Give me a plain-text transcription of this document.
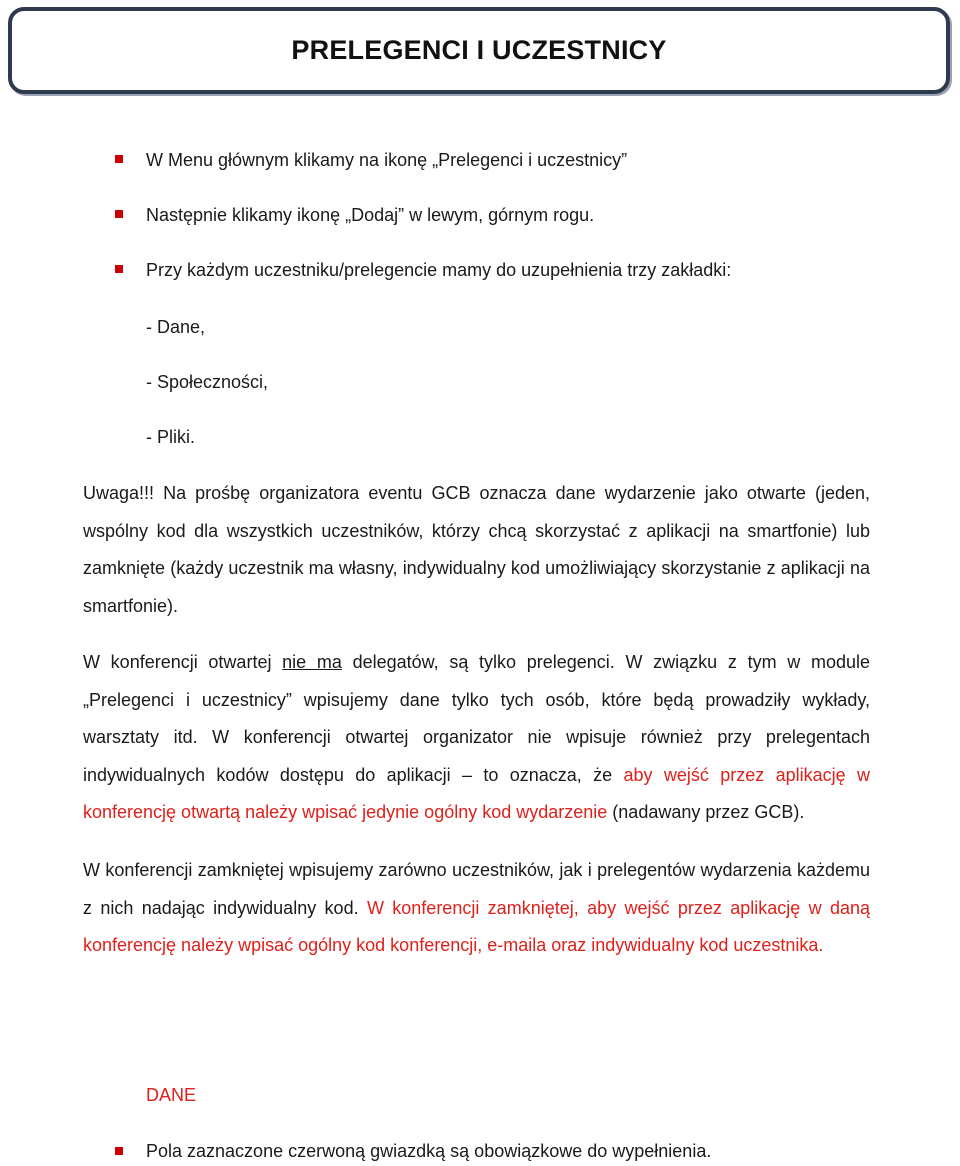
PRELEGENCI I UCZESTNICY
W Menu głównym klikamy na ikonę „Prelegenci i uczestnicy”
Następnie klikamy ikonę „Dodaj” w lewym, górnym rogu.
Przy każdym uczestniku/prelegencie mamy do uzupełnienia trzy zakładki:
- Dane,
- Społeczności,
- Pliki.

Uwaga!!! Na prośbę organizatora eventu GCB oznacza dane wydarzenie jako otwarte (jeden, wspólny kod dla wszystkich uczestników, którzy chcą skorzystać z aplikacji na smartfonie) lub zamknięte (każdy uczestnik ma własny, indywidualny kod umożliwiający skorzystanie z aplikacji na smartfonie).

W konferencji otwartej nie ma delegatów, są tylko prelegenci. W związku z tym w module „Prelegenci i uczestnicy” wpisujemy dane tylko tych osób, które będą prowadziły wykłady, warsztaty itd. W konferencji otwartej organizator nie wpisuje również przy prelegentach indywidualnych kodów dostępu do aplikacji – to oznacza, że aby wejść przez aplikację w konferencję otwartą należy wpisać jedynie ogólny kod wydarzenie (nadawany przez GCB).

W konferencji zamkniętej wpisujemy zarówno uczestników, jak i prelegentów wydarzenia każdemu z nich nadając indywidualny kod. W konferencji zamkniętej, aby wejść przez aplikację w daną konferencję należy wpisać ogólny kod konferencji, e-maila oraz indywidualny kod uczestnika.

DANE
Pola zaznaczone czerwoną gwiazdką są obowiązkowe do wypełnienia.
